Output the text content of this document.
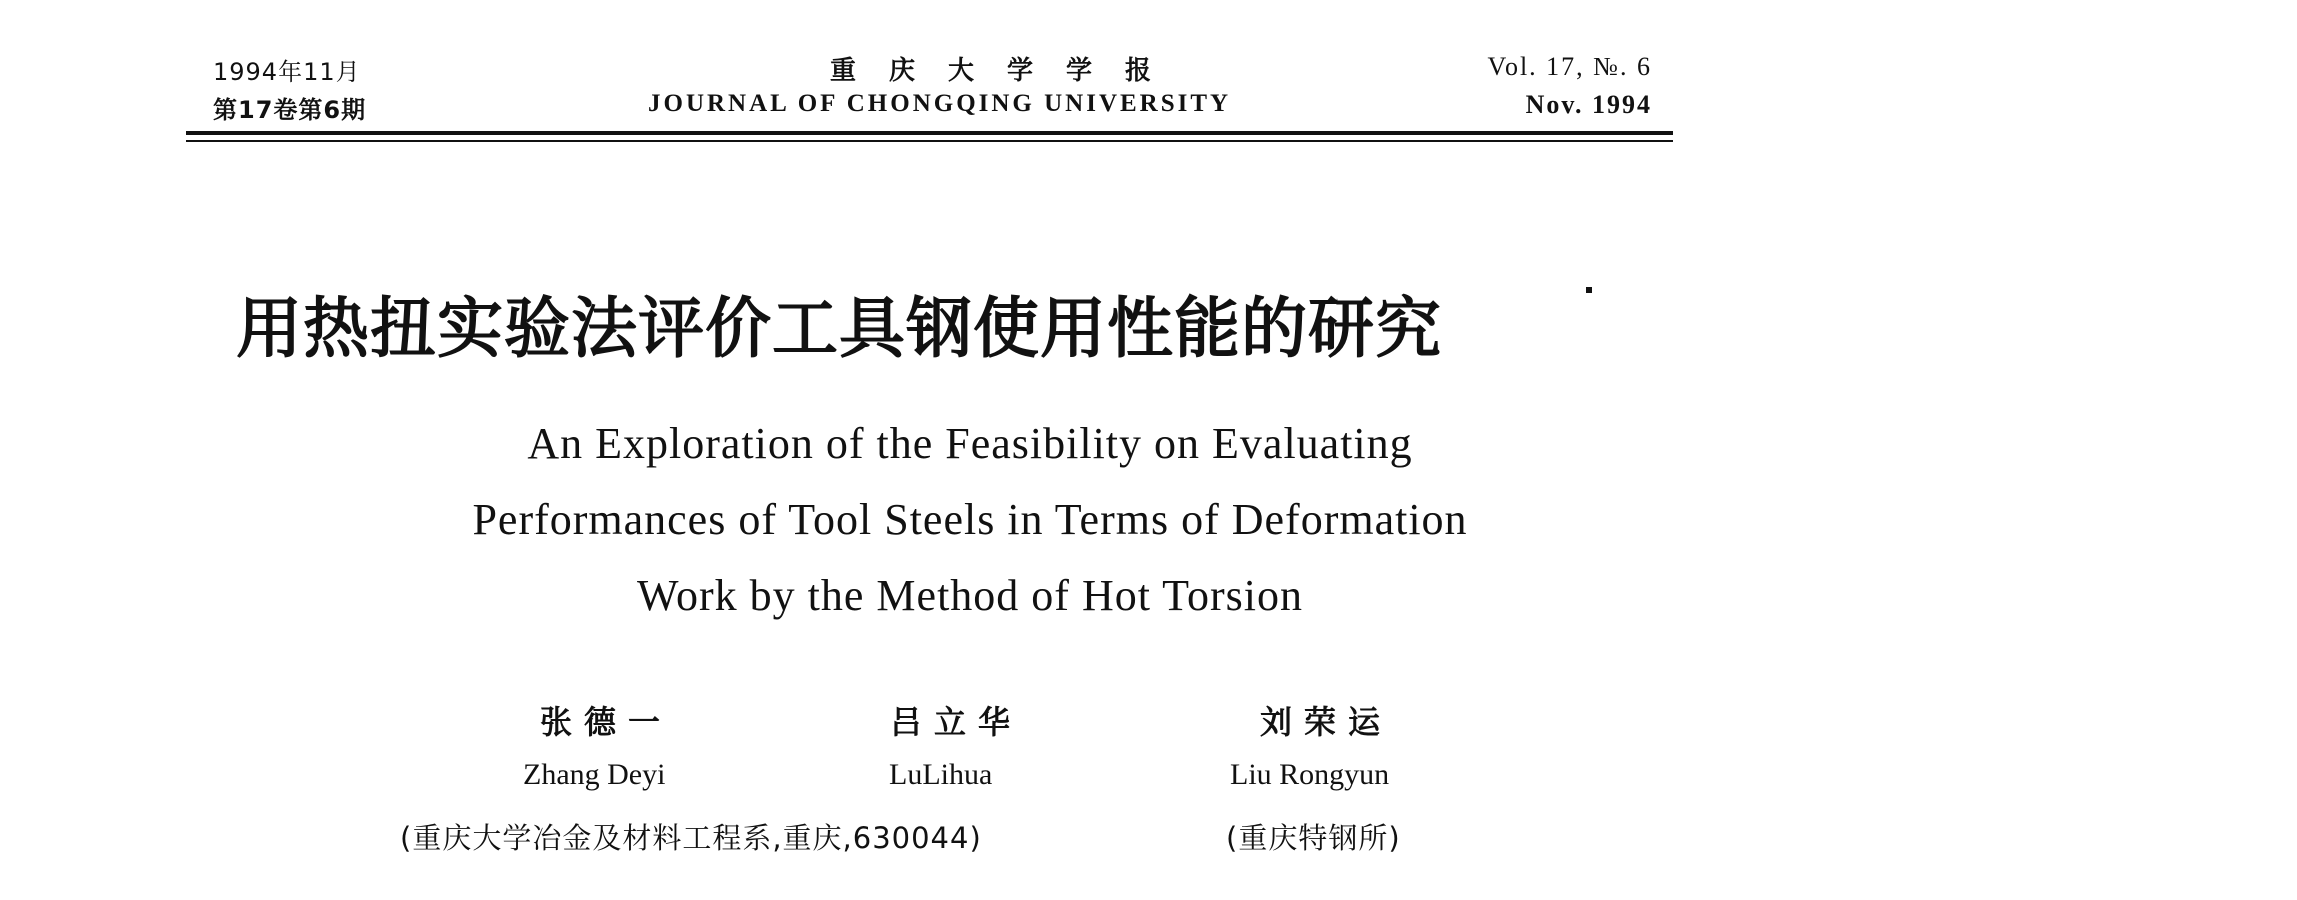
1994年11月
第17卷第6期
重庆大学学报
JOURNAL OF CHONGQING UNIVERSITY
Vol. 17, №. 6
Nov. 1994
用热扭实验法评价工具钢使用性能的研究
An Exploration of the Feasibility on Evaluating
Performances of Tool Steels in Terms of Deformation
Work by the Method of Hot Torsion
张德一	吕立华	刘荣运
Zhang Deyi	LuLihua	Liu Rongyun
(重庆大学冶金及材料工程系,重庆,630044)	(重庆特钢所)
